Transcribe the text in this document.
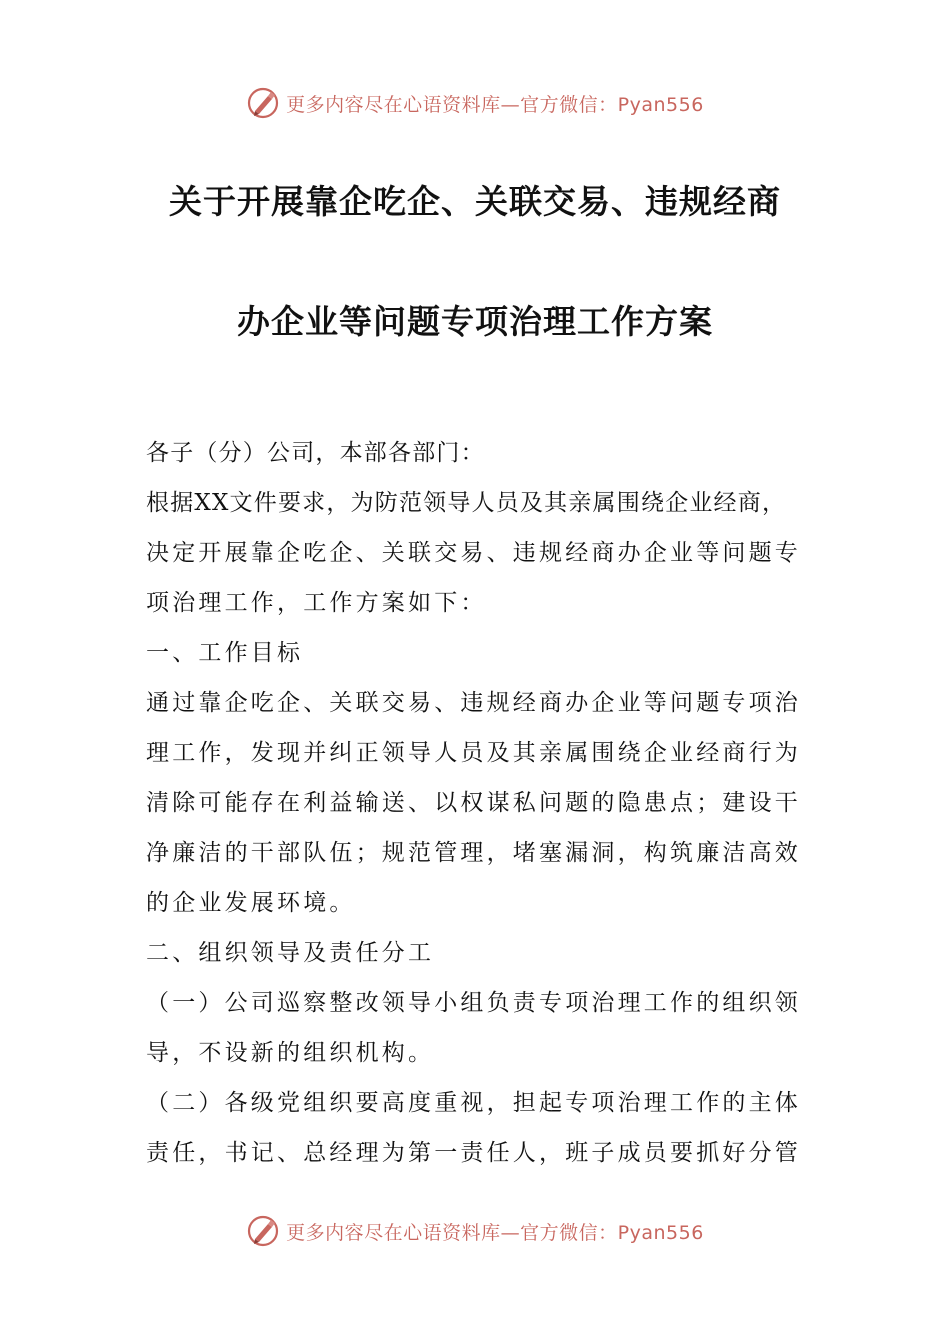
更多内容尽在心语资料库—官方微信：Pyan556
关于开展靠企吃企、关联交易、违规经商
办企业等问题专项治理工作方案
各子（分）公司，本部各部门：
根据XX文件要求，为防范领导人员及其亲属围绕企业经商，
决定开展靠企吃企、关联交易、违规经商办企业等问题专
项治理工作，工作方案如下：
一、工作目标
通过靠企吃企、关联交易、违规经商办企业等问题专项治
理工作，发现并纠正领导人员及其亲属围绕企业经商行为
清除可能存在利益输送、以权谋私问题的隐患点；建设干
净廉洁的干部队伍；规范管理，堵塞漏洞，构筑廉洁高效
的企业发展环境。
二、组织领导及责任分工
（一）公司巡察整改领导小组负责专项治理工作的组织领
导，不设新的组织机构。
（二）各级党组织要高度重视，担起专项治理工作的主体
责任，书记、总经理为第一责任人，班子成员要抓好分管
更多内容尽在心语资料库—官方微信：Pyan556
